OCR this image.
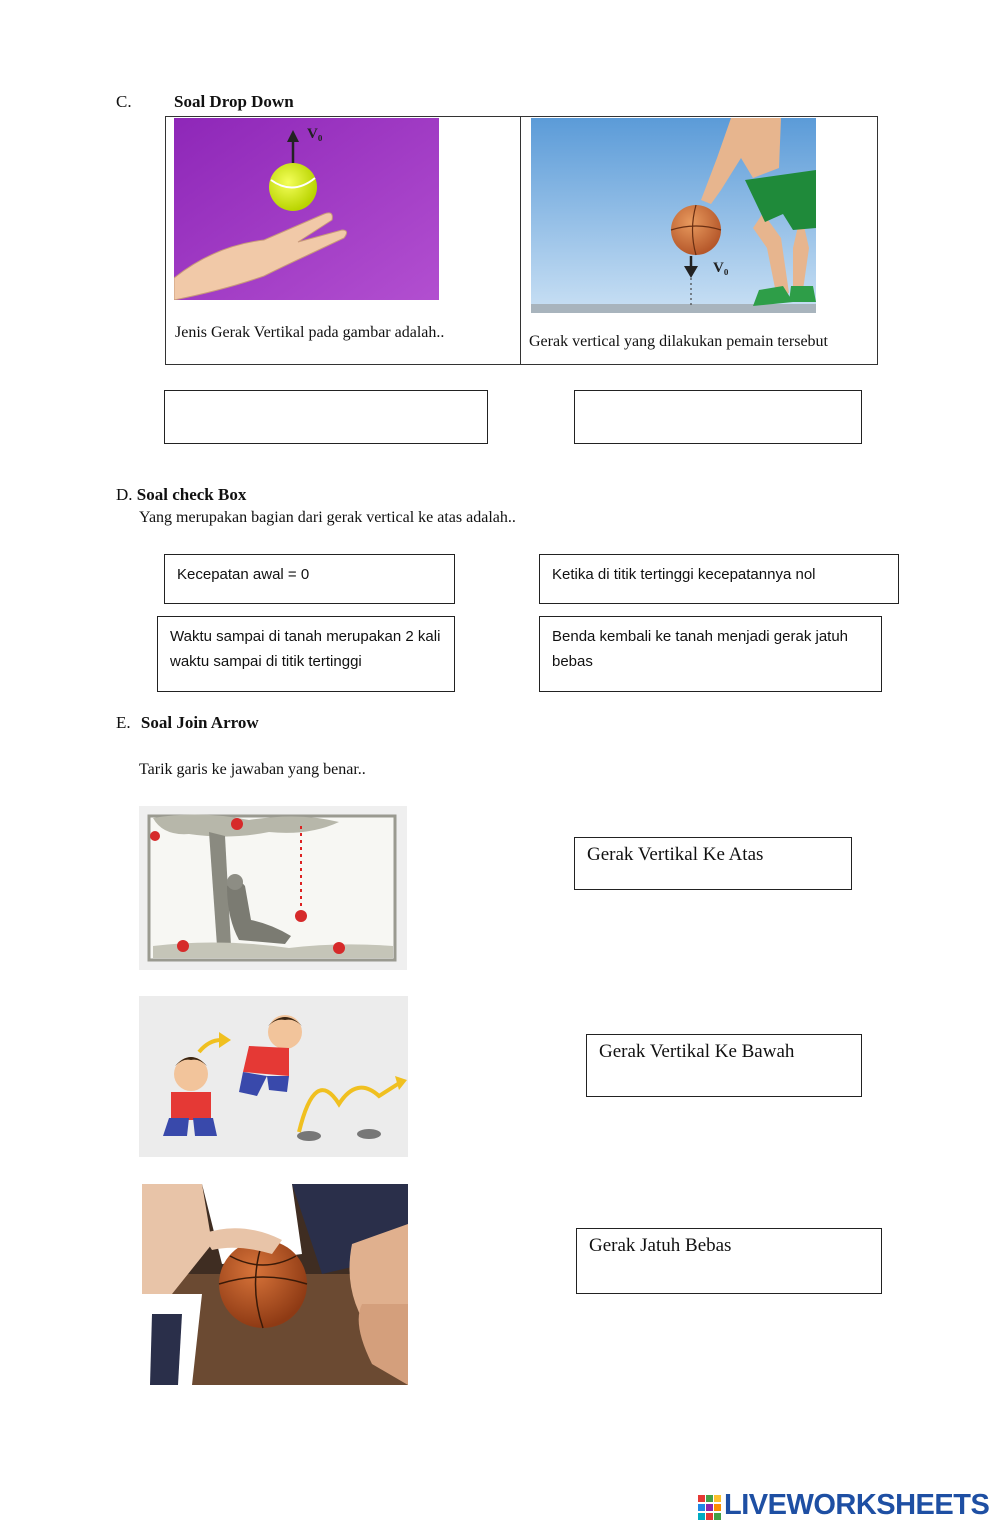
C. Soal Drop Down
V₀
V₀
Jenis Gerak Vertikal pada gambar adalah..
Gerak vertical yang dilakukan pemain tersebut
D. Soal check Box
Yang merupakan bagian dari gerak vertical ke atas adalah..
Kecepatan awal = 0	Ketika di titik tertinggi kecepatannya nol
Waktu sampai di tanah merupakan 2 kali waktu sampai di titik tertinggi
Benda kembali ke tanah menjadi gerak jatuh bebas
E. Soal Join Arrow
Tarik garis ke jawaban yang benar..
Gerak Vertikal Ke Atas
Gerak Vertikal Ke Bawah
Gerak Jatuh Bebas
LIVEWORKSHEETS
